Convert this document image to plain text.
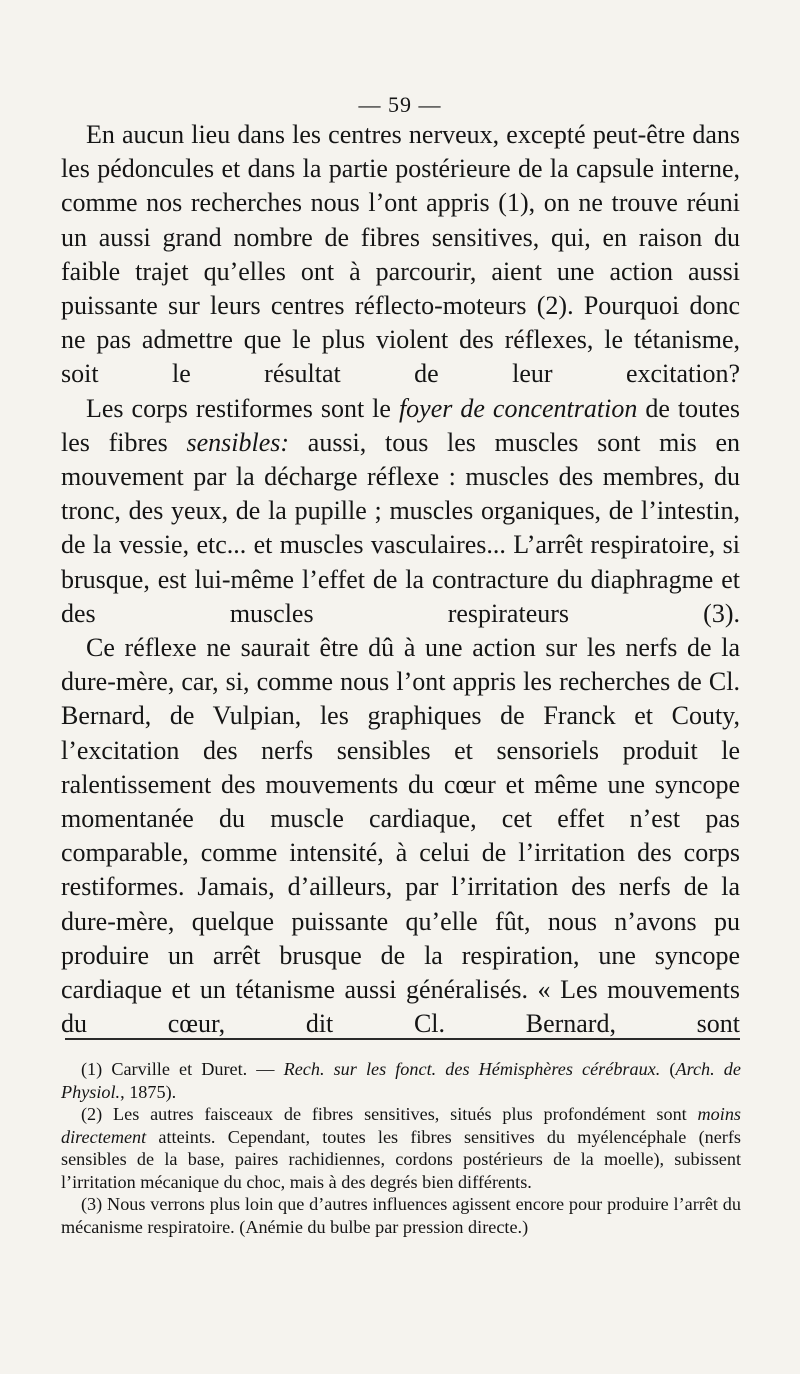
— 59 —

En aucun lieu dans les centres nerveux, excepté peut-être dans les pédoncules et dans la partie postérieure de la capsule interne, comme nos recherches nous l’ont appris (1), on ne trouve réuni un aussi grand nombre de fibres sensitives, qui, en raison du faible trajet qu’elles ont à parcourir, aient une action aussi puissante sur leurs centres réflecto-moteurs (2). Pourquoi donc ne pas admettre que le plus violent des réflexes, le tétanisme, soit le résultat de leur excitation?

Les corps restiformes sont le foyer de concentration de toutes les fibres sensibles: aussi, tous les muscles sont mis en mouvement par la décharge réflexe : muscles des membres, du tronc, des yeux, de la pupille ; muscles organiques, de l’intestin, de la vessie, etc... et muscles vasculaires... L’arrêt respiratoire, si brusque, est lui-même l’effet de la contracture du diaphragme et des muscles respirateurs (3).

Ce réflexe ne saurait être dû à une action sur les nerfs de la dure-mère, car, si, comme nous l’ont appris les recherches de Cl. Bernard, de Vulpian, les graphiques de Franck et Couty, l’excitation des nerfs sensibles et sensoriels produit le ralentissement des mouvements du cœur et même une syncope momentanée du muscle cardiaque, cet effet n’est pas comparable, comme intensité, à celui de l’irritation des corps restiformes. Jamais, d’ailleurs, par l’irritation des nerfs de la dure-mère, quelque puissante qu’elle fût, nous n’avons pu produire un arrêt brusque de la respiration, une syncope cardiaque et un tétanisme aussi généralisés. « Les mouvements du cœur, dit Cl. Bernard, sont

(1) Carville et Duret. — Rech. sur les fonct. des Hémisphères cérébraux. (Arch. de Physiol., 1875).

(2) Les autres faisceaux de fibres sensitives, situés plus profondément sont moins directement atteints. Cependant, toutes les fibres sensitives du myélencéphale (nerfs sensibles de la base, paires rachidiennes, cordons postérieurs de la moelle), subissent l’irritation mécanique du choc, mais à des degrés bien différents.

(3) Nous verrons plus loin que d’autres influences agissent encore pour produire l’arrêt du mécanisme respiratoire. (Anémie du bulbe par pression directe.)
